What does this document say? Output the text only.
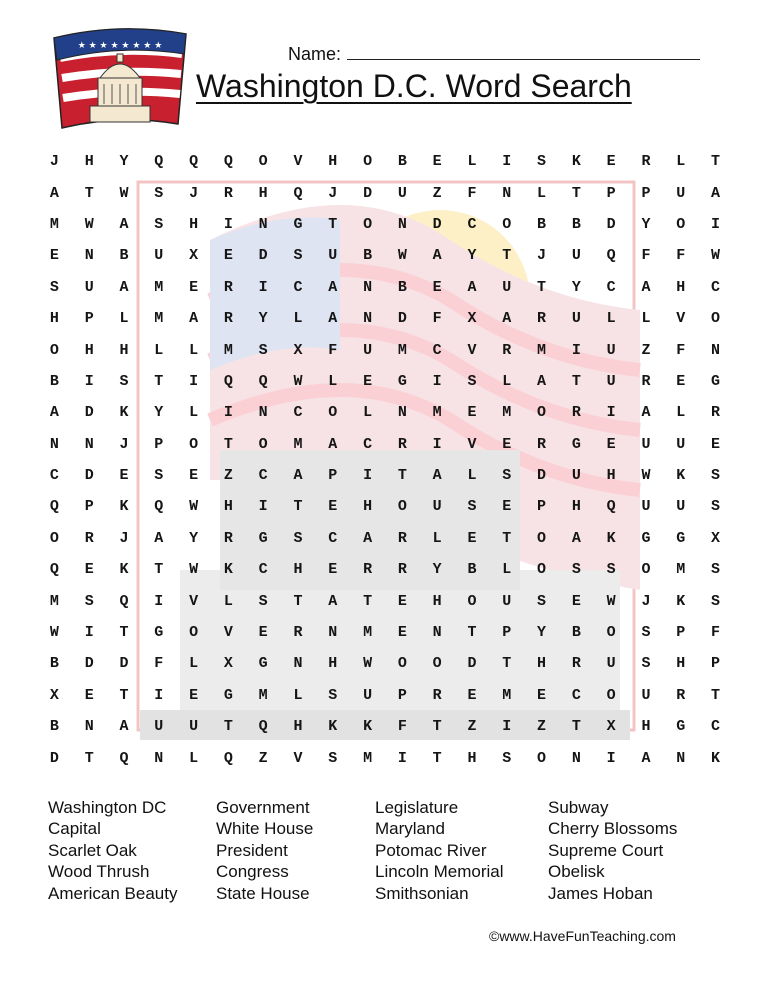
★ ★ ★ ★ ★ ★ ★ ★	Name:
Washington D.C. Word Search
J	H	Y	Q	Q	Q	O	V	H	O	B	E	L	I	S	K	E	R	L	T
A	T	W	S	J	R	H	Q	J	D	U	Z	F	N	L	T	P	P	U	A
M	W	A	S	H	I	N	G	T	O	N	D	C	O	B	B	D	Y	O	I
E	N	B	U	X	E	D	S	U	B	W	A	Y	T	J	U	Q	F	F	W
S	U	A	M	E	R	I	C	A	N	B	E	A	U	T	Y	C	A	H	C
H	P	L	M	A	R	Y	L	A	N	D	F	X	A	R	U	L	L	V	O
O	H	H	L	L	M	S	X	F	U	M	C	V	R	M	I	U	Z	F	N
B	I	S	T	I	Q	Q	W	L	E	G	I	S	L	A	T	U	R	E	G
A	D	K	Y	L	I	N	C	O	L	N	M	E	M	O	R	I	A	L	R
N	N	J	P	O	T	O	M	A	C	R	I	V	E	R	G	E	U	U	E
C	D	E	S	E	Z	C	A	P	I	T	A	L	S	D	U	H	W	K	S
Q	P	K	Q	W	H	I	T	E	H	O	U	S	E	P	H	Q	U	U	S
O	R	J	A	Y	R	G	S	C	A	R	L	E	T	O	A	K	G	G	X
Q	E	K	T	W	K	C	H	E	R	R	Y	B	L	O	S	S	O	M	S
M	S	Q	I	V	L	S	T	A	T	E	H	O	U	S	E	W	J	K	S
W	I	T	G	O	V	E	R	N	M	E	N	T	P	Y	B	O	S	P	F
B	D	D	F	L	X	G	N	H	W	O	O	D	T	H	R	U	S	H	P
X	E	T	I	E	G	M	L	S	U	P	R	E	M	E	C	O	U	R	T
B	N	A	U	U	T	Q	H	K	K	F	T	Z	I	Z	T	X	H	G	C
D	T	Q	N	L	Q	Z	V	S	M	I	T	H	S	O	N	I	A	N	K
Washington DC	Government	Legislature	Subway
Capital	White House	Maryland	Cherry Blossoms
Scarlet Oak	President	Potomac River	Supreme Court
Wood Thrush	Congress	Lincoln Memorial	Obelisk
American Beauty	State House	Smithsonian	James Hoban
©www.HaveFunTeaching.com
